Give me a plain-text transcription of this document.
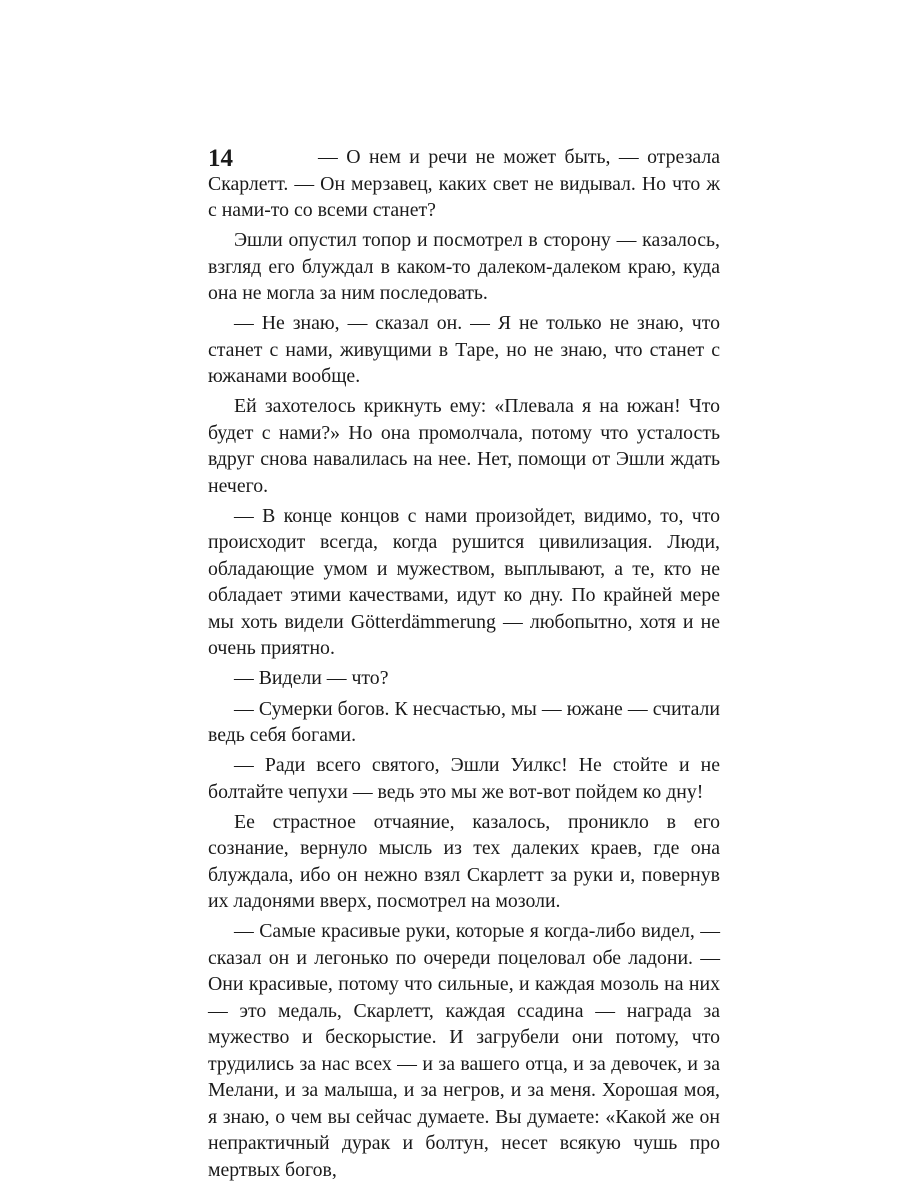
14	— О нем и речи не может быть, — отрезала Скарлетт. — Он мерзавец, каких свет не видывал. Но что ж с нами-то со всеми станет?

Эшли опустил топор и посмотрел в сторону — казалось, взгляд его блуждал в каком-то далеком-далеком краю, куда она не могла за ним последовать.

— Не знаю, — сказал он. — Я не только не знаю, что станет с нами, живущими в Таре, но не знаю, что станет с южанами вообще.

Ей захотелось крикнуть ему: «Плевала я на южан! Что будет с нами?» Но она промолчала, потому что усталость вдруг снова навалилась на нее. Нет, помощи от Эшли ждать нечего.

— В конце концов с нами произойдет, видимо, то, что происходит всегда, когда рушится цивилизация. Люди, обладающие умом и мужеством, выплывают, а те, кто не обладает этими качествами, идут ко дну. По крайней мере мы хоть видели Götterdämmerung — любопытно, хотя и не очень приятно.

— Видели — что?

— Сумерки богов. К несчастью, мы — южане — считали ведь себя богами.

— Ради всего святого, Эшли Уилкс! Не стойте и не болтайте чепухи — ведь это мы же вот-вот пойдем ко дну!

Ее страстное отчаяние, казалось, проникло в его сознание, вернуло мысль из тех далеких краев, где она блуждала, ибо он нежно взял Скарлетт за руки и, повернув их ладонями вверх, посмотрел на мозоли.

— Самые красивые руки, которые я когда-либо видел, — сказал он и легонько по очереди поцеловал обе ладони. — Они красивые, потому что сильные, и каждая мозоль на них — это медаль, Скарлетт, каждая ссадина — награда за мужество и бескорыстие. И загрубели они потому, что трудились за нас всех — и за вашего отца, и за девочек, и за Мелани, и за малыша, и за негров, и за меня. Хорошая моя, я знаю, о чем вы сейчас думаете. Вы думаете: «Какой же он непрактичный дурак и болтун, несет всякую чушь про мертвых богов,
